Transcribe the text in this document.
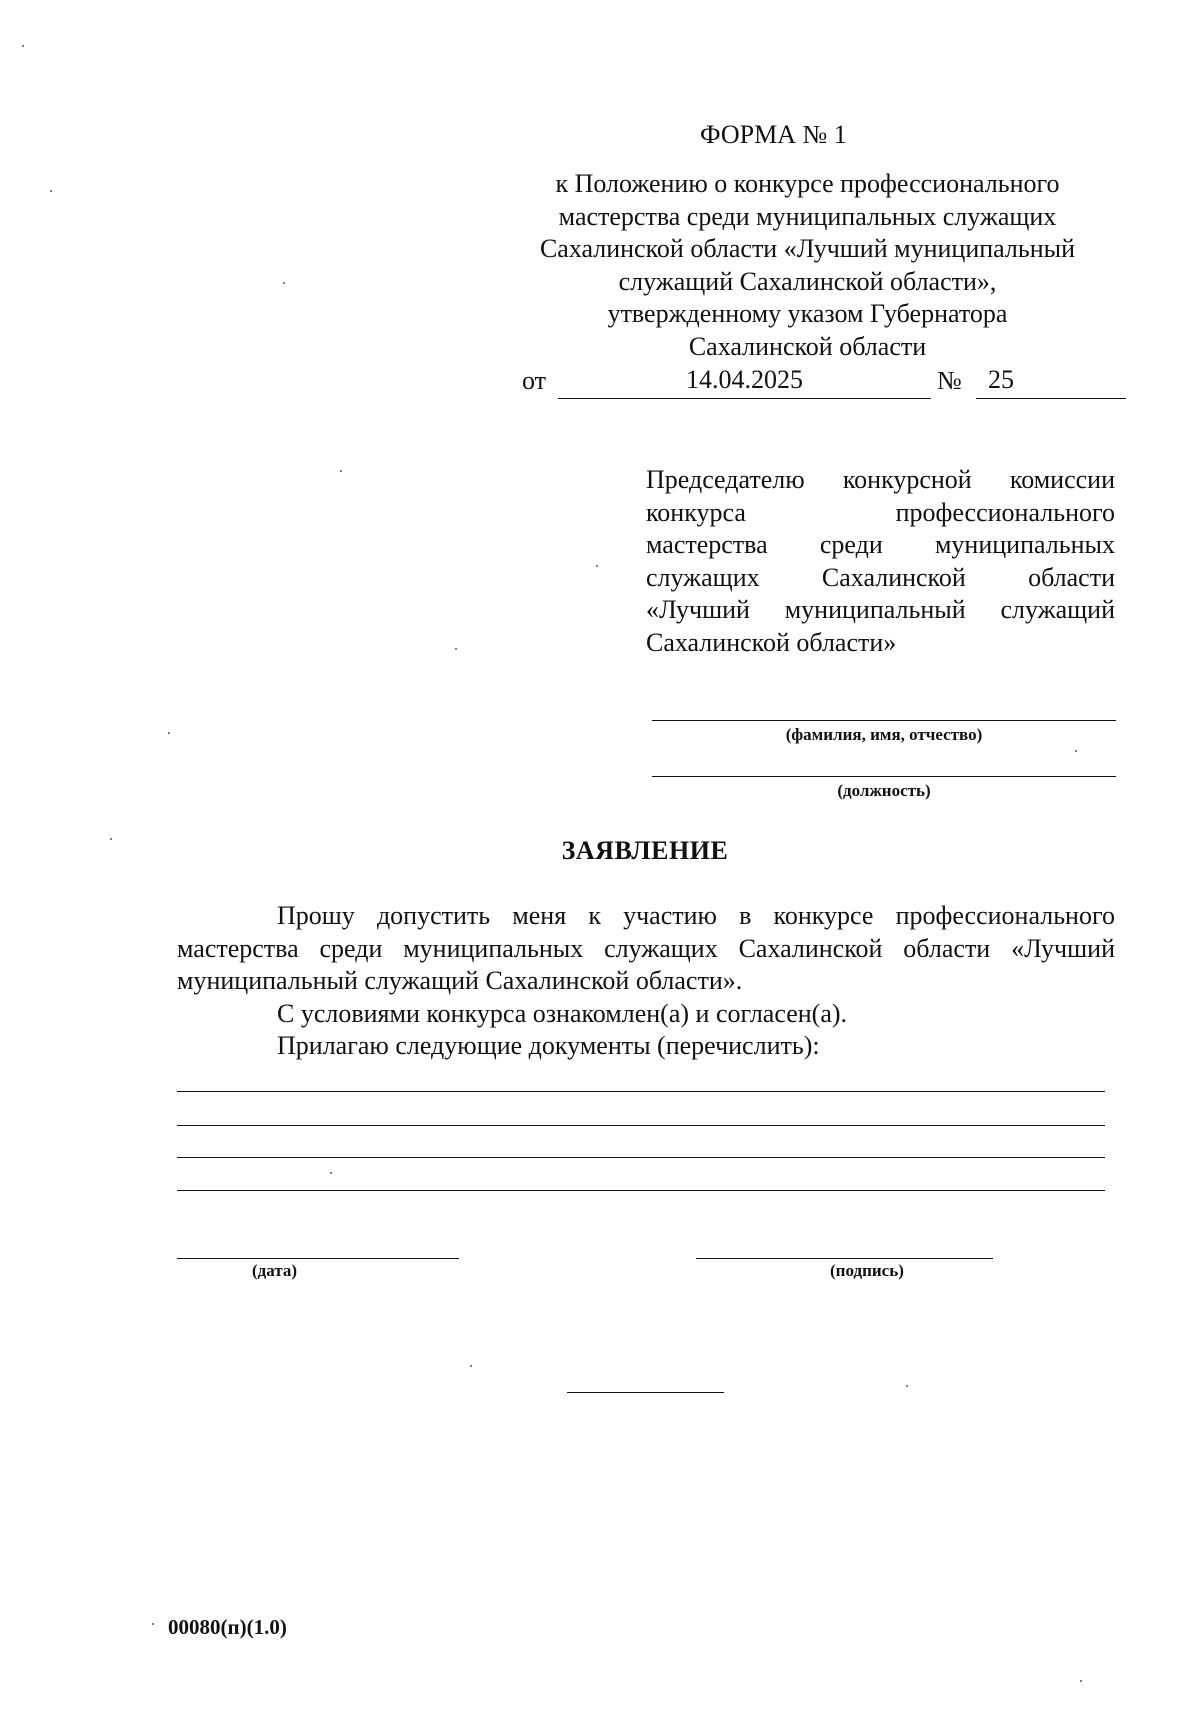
ФОРМА № 1
к Положению о конкурсе профессионального
мастерства среди муниципальных служащих
Сахалинской области «Лучший муниципальный
служащий Сахалинской области»,
утвержденному указом Губернатора
Сахалинской области
от	14.04.2025	№ 25
Председателю конкурсной комиссии
конкурса профессионального
мастерства среди муниципальных
служащих Сахалинской области
«Лучший муниципальный служащий
Сахалинской области»
(фамилия, имя, отчество)
(должность)
ЗАЯВЛЕНИЕ
Прошу допустить меня к участию в конкурсе профессионального
мастерства среди муниципальных служащих Сахалинской области «Лучший
муниципальный служащий Сахалинской области».
С условиями конкурса ознакомлен(а) и согласен(а).
Прилагаю следующие документы (перечислить):
(дата)	(подпись)
00080(п)(1.0)
